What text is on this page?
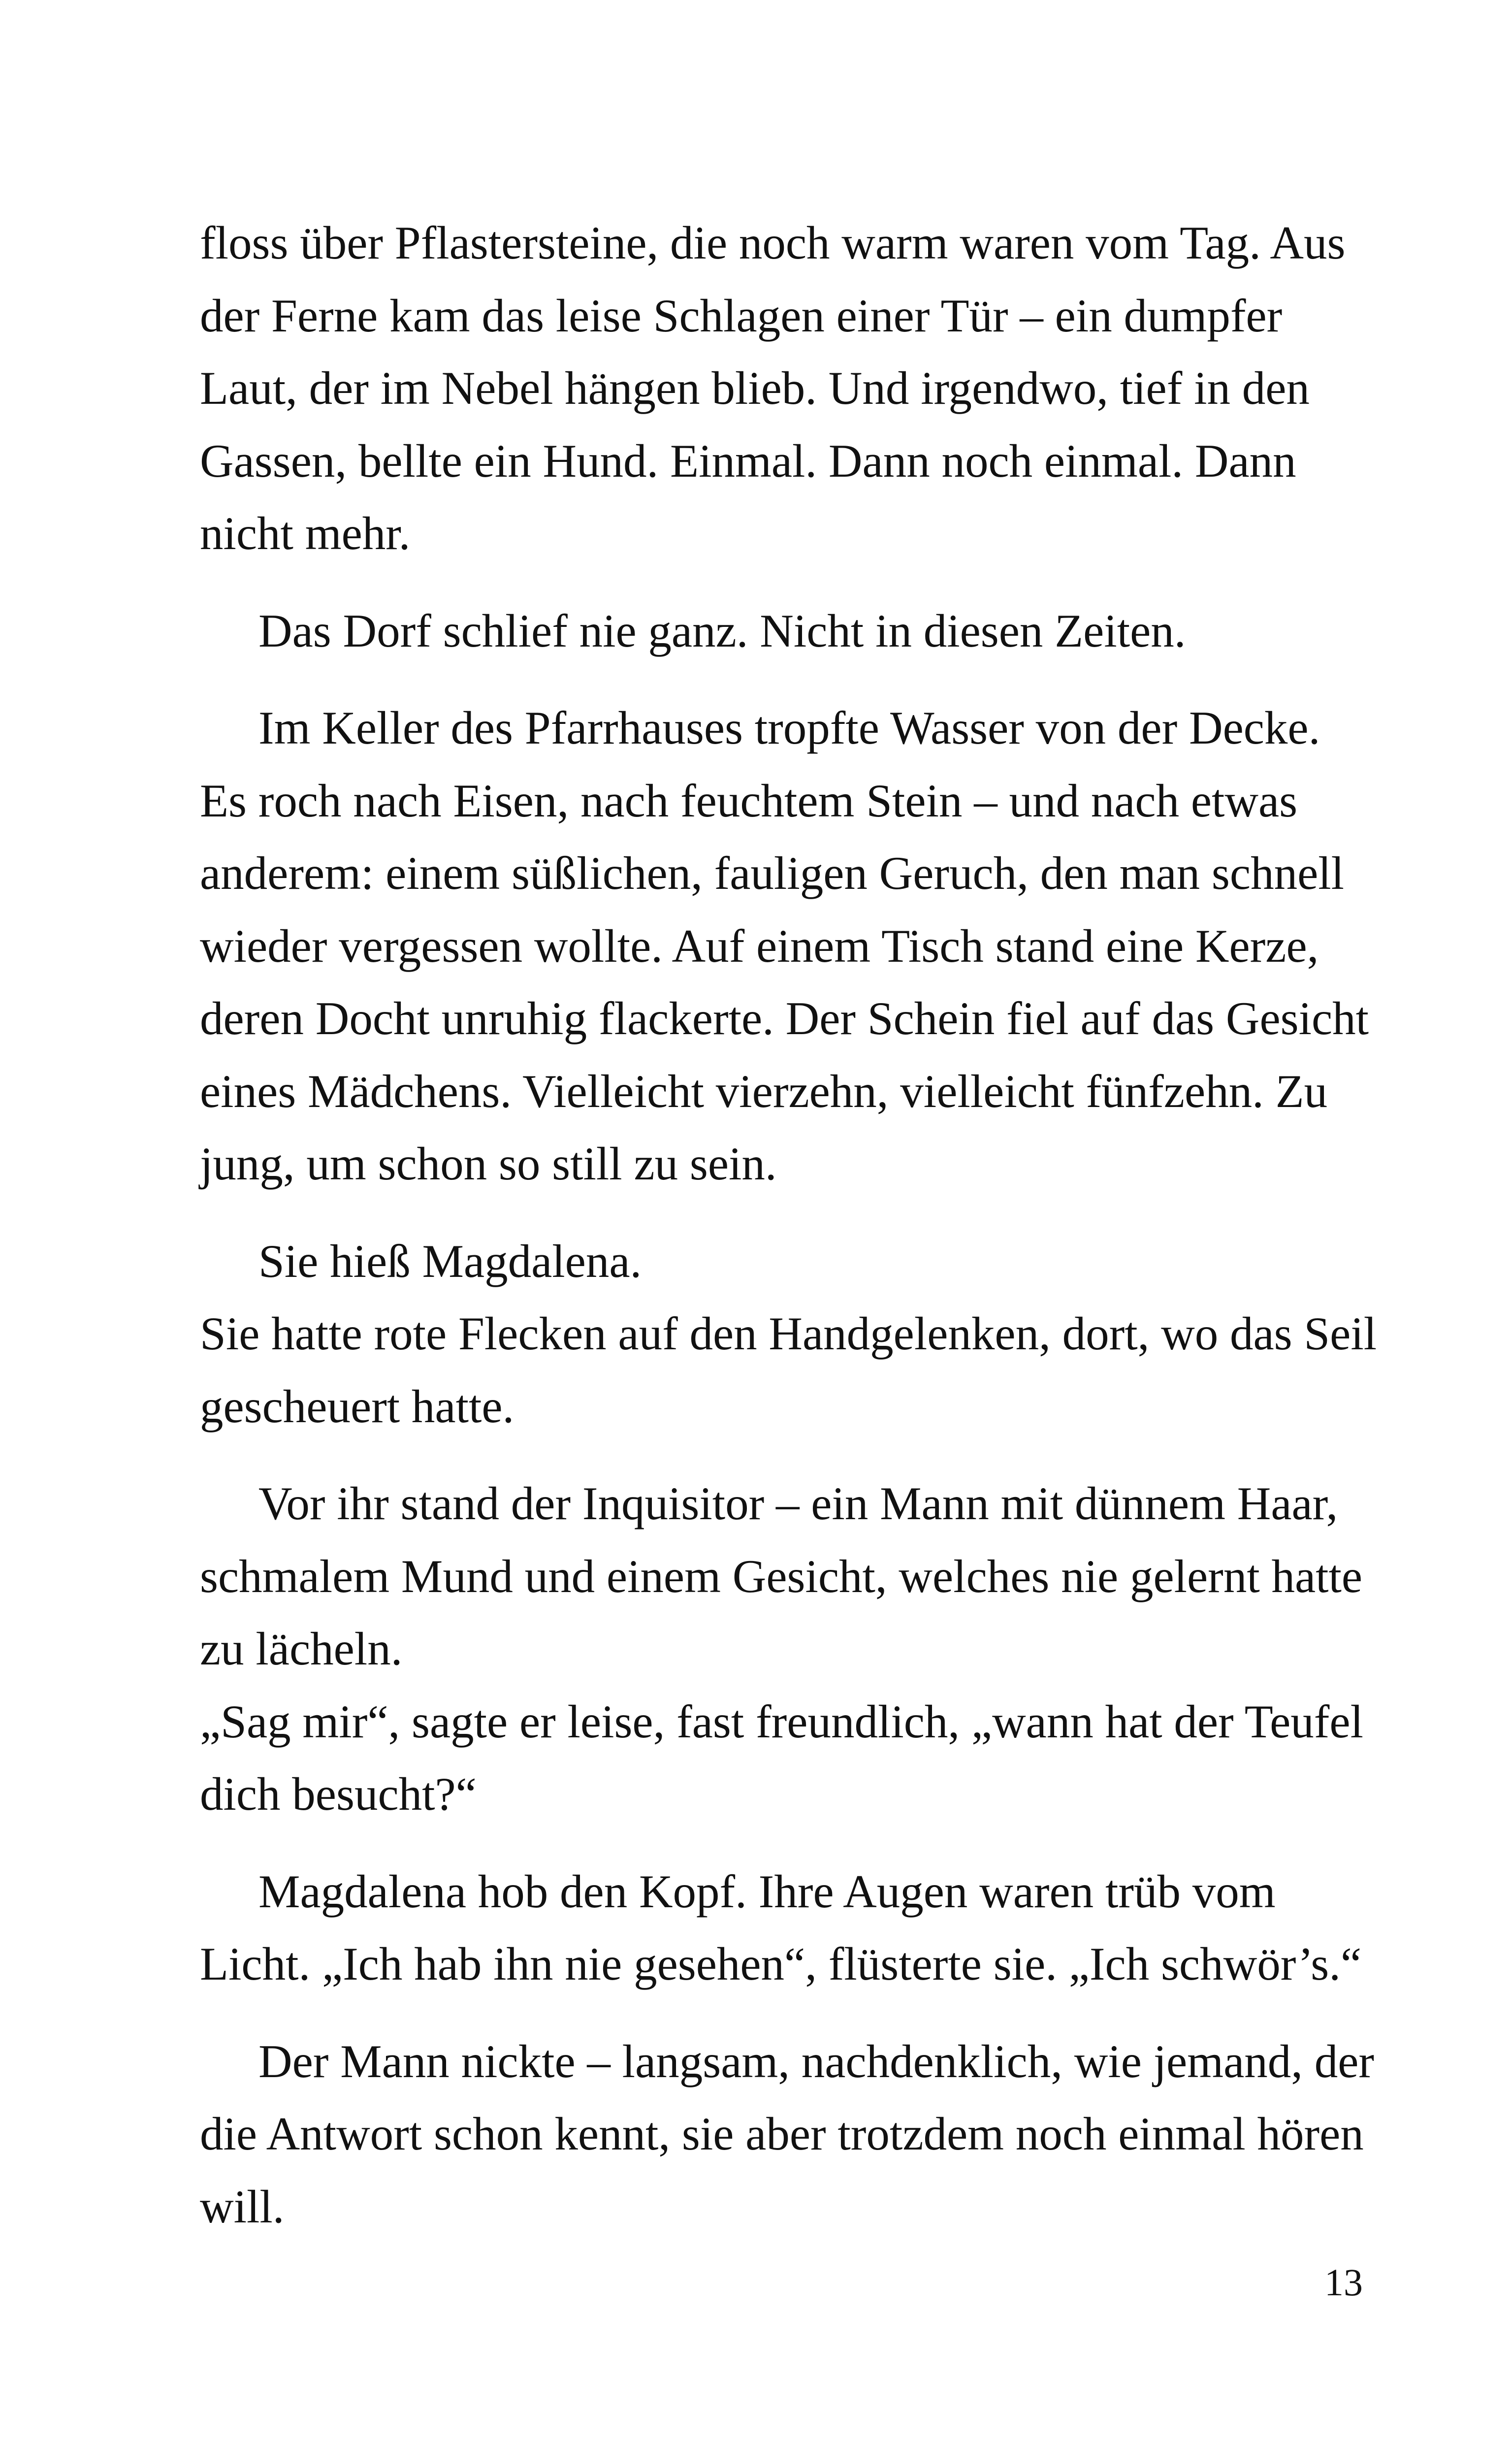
floss über Pflastersteine, die noch warm waren vom Tag. Aus
der Ferne kam das leise Schlagen einer Tür – ein dumpfer
Laut, der im Nebel hängen blieb. Und irgendwo, tief in den
Gassen, bellte ein Hund. Einmal. Dann noch einmal. Dann
nicht mehr.
Das Dorf schlief nie ganz. Nicht in diesen Zeiten.
Im Keller des Pfarrhauses tropfte Wasser von der Decke.
Es roch nach Eisen, nach feuchtem Stein – und nach etwas
anderem: einem süßlichen, fauligen Geruch, den man schnell
wieder vergessen wollte. Auf einem Tisch stand eine Kerze,
deren Docht unruhig flackerte. Der Schein fiel auf das Gesicht
eines Mädchens. Vielleicht vierzehn, vielleicht fünfzehn. Zu
jung, um schon so still zu sein.
Sie hieß Magdalena.
Sie hatte rote Flecken auf den Handgelenken, dort, wo das Seil
gescheuert hatte.
Vor ihr stand der Inquisitor – ein Mann mit dünnem Haar,
schmalem Mund und einem Gesicht, welches nie gelernt hatte
zu lächeln.
„Sag mir“, sagte er leise, fast freundlich, „wann hat der Teufel
dich besucht?“
Magdalena hob den Kopf. Ihre Augen waren trüb vom
Licht. „Ich hab ihn nie gesehen“, flüsterte sie. „Ich schwör’s.“
Der Mann nickte – langsam, nachdenklich, wie jemand, der
die Antwort schon kennt, sie aber trotzdem noch einmal hören
will.
13
